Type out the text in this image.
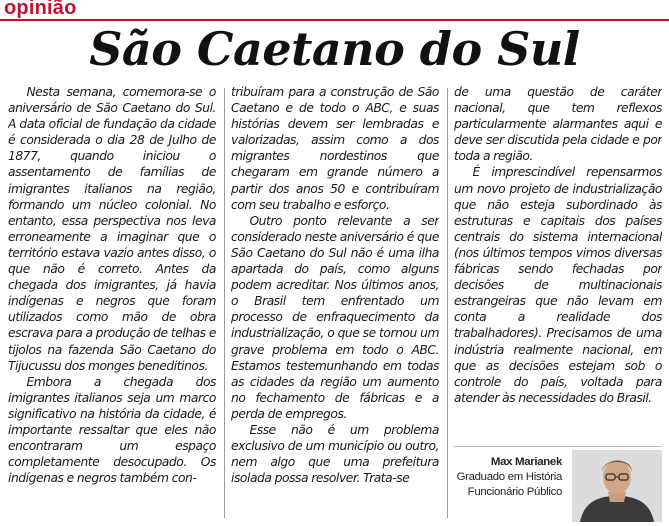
opinião
São Caetano do Sul

Nesta semana, comemora-se o aniversário de São Caetano do Sul. A data oficial de fundação da cidade é considerada o dia 28 de Julho de 1877, quando iniciou o assentamento de famílias de imigrantes italianos na região, formando um núcleo colonial. No entanto, essa perspectiva nos leva erroneamente a imaginar que o território estava vazio antes disso, o que não é correto. Antes da chegada dos imigrantes, já havia indígenas e negros que foram utilizados como mão de obra escrava para a produção de telhas e tijolos na fazenda São Caetano do Tijucussu dos monges beneditinos.

Embora a chegada dos imigrantes italianos seja um marco significativo na história da cidade, é importante ressaltar que eles não encontraram um espaço completamente desocupado. Os indígenas e negros também con-

tribuíram para a construção de São Caetano e de todo o ABC, e suas histórias devem ser lembradas e valorizadas, assim como a dos migrantes nordestinos que chegaram em grande número a partir dos anos 50 e contribuíram com seu trabalho e esforço.

Outro ponto relevante a ser considerado neste aniversário é que São Caetano do Sul não é uma ilha apartada do país, como alguns podem acreditar. Nos últimos anos, o Brasil tem enfrentado um processo de enfraquecimento da industrialização, o que se tornou um grave problema em todo o ABC. Estamos testemunhando em todas as cidades da região um aumento no fechamento de fábricas e a perda de empregos.

Esse não é um problema exclusivo de um município ou outro, nem algo que uma prefeitura isolada possa resolver. Trata-se

de uma questão de caráter nacional, que tem reflexos particularmente alarmantes aqui e deve ser discutida pela cidade e por toda a região.

É imprescindível repensarmos um novo projeto de industrialização que não esteja subordinado às estruturas e capitais dos países centrais do sistema internacional (nos últimos tempos vimos diversas fábricas sendo fechadas por decisões de multinacionais estrangeiras que não levam em conta a realidade dos trabalhadores). Precisamos de uma indústria realmente nacional, em que as decisões estejam sob o controle do país, voltada para atender às necessidades do Brasil.

Max Marianek
Graduado em História
Funcionário Público
